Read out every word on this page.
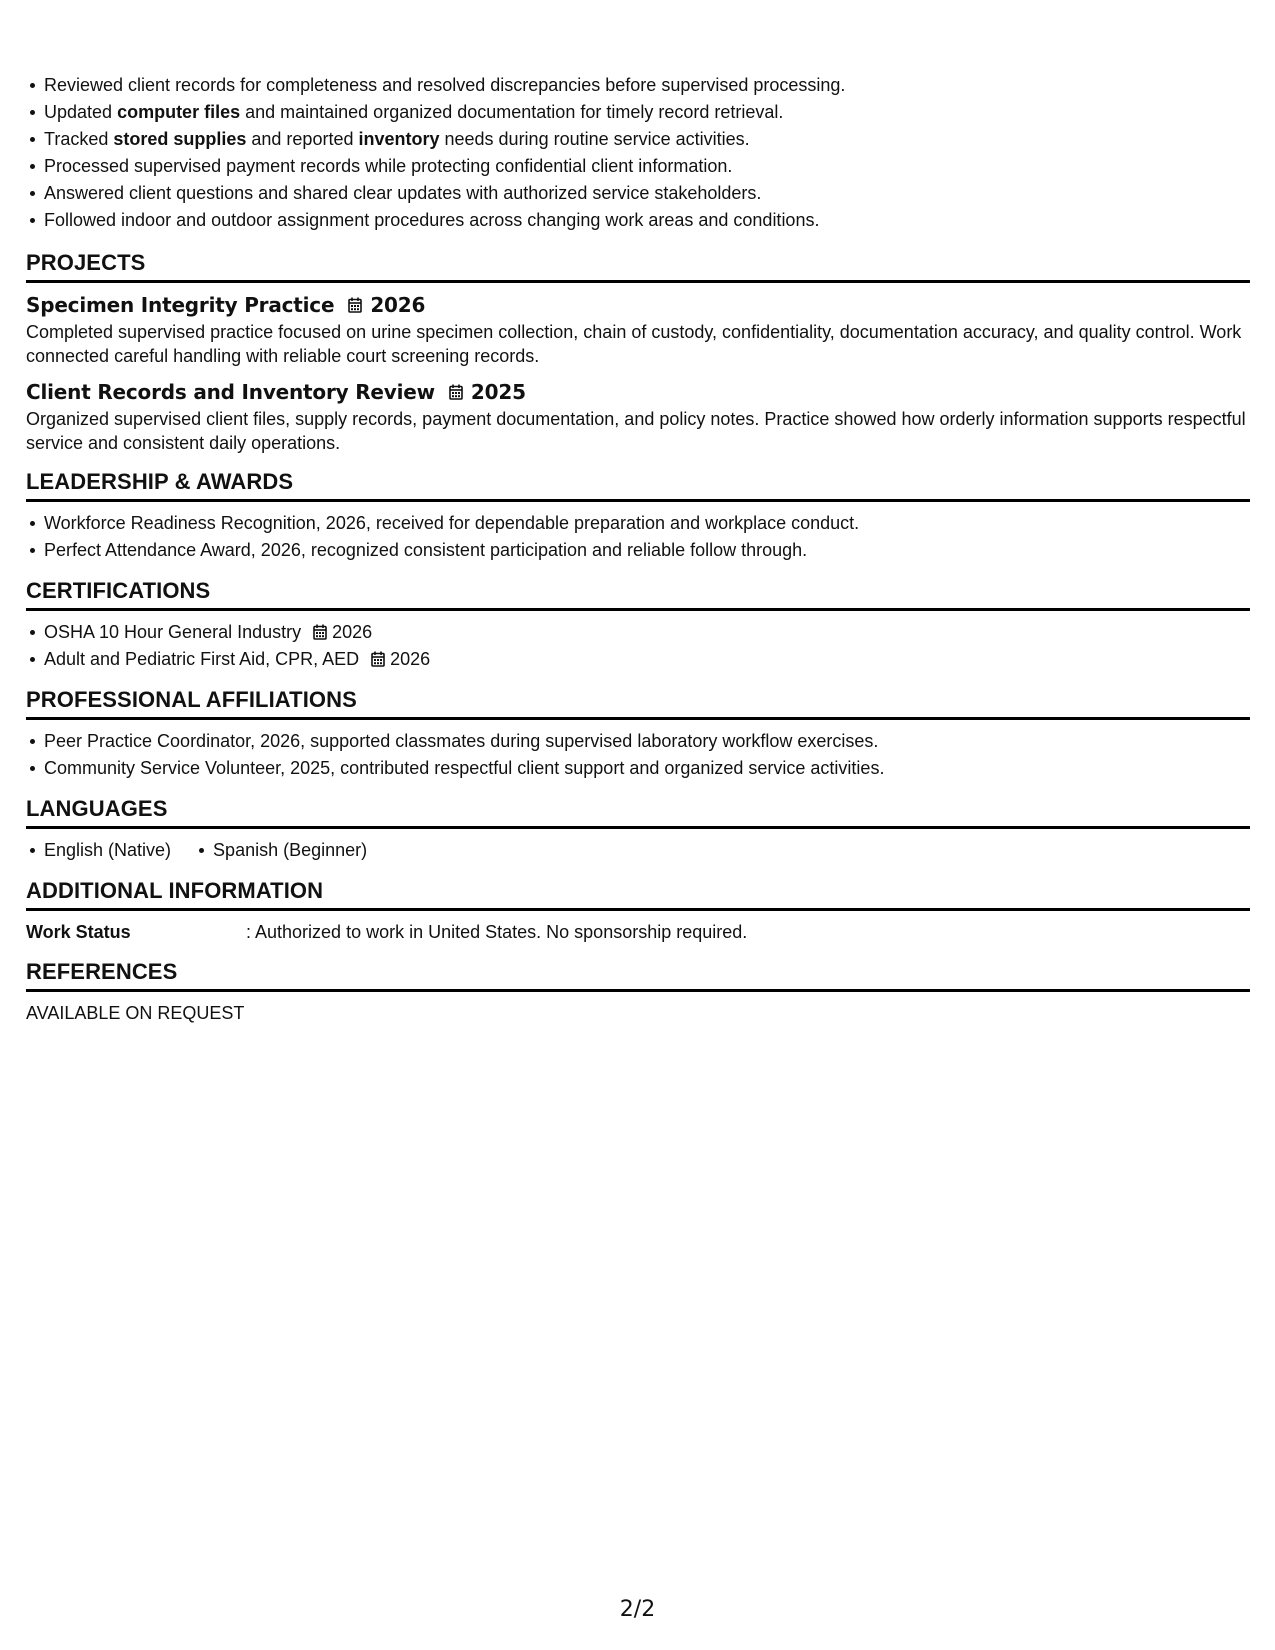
Reviewed client records for completeness and resolved discrepancies before supervised processing.
Updated computer files and maintained organized documentation for timely record retrieval.
Tracked stored supplies and reported inventory needs during routine service activities.
Processed supervised payment records while protecting confidential client information.
Answered client questions and shared clear updates with authorized service stakeholders.
Followed indoor and outdoor assignment procedures across changing work areas and conditions.
PROJECTS
Specimen Integrity Practice 2026

Completed supervised practice focused on urine specimen collection, chain of custody, confidentiality, documentation accuracy, and quality control. Work connected careful handling with reliable court screening records.

Client Records and Inventory Review 2025

Organized supervised client files, supply records, payment documentation, and policy notes. Practice showed how orderly information supports respectful service and consistent daily operations.

LEADERSHIP & AWARDS
Workforce Readiness Recognition, 2026, received for dependable preparation and workplace conduct.
Perfect Attendance Award, 2026, recognized consistent participation and reliable follow through.
CERTIFICATIONS
OSHA 10 Hour General Industry 2026
Adult and Pediatric First Aid, CPR, AED 2026
PROFESSIONAL AFFILIATIONS
Peer Practice Coordinator, 2026, supported classmates during supervised laboratory workflow exercises.
Community Service Volunteer, 2025, contributed respectful client support and organized service activities.
LANGUAGES
English (Native) Spanish (Beginner)
ADDITIONAL INFORMATION
Work Status	: Authorized to work in United States. No sponsorship required.
REFERENCES
AVAILABLE ON REQUEST
2/2
